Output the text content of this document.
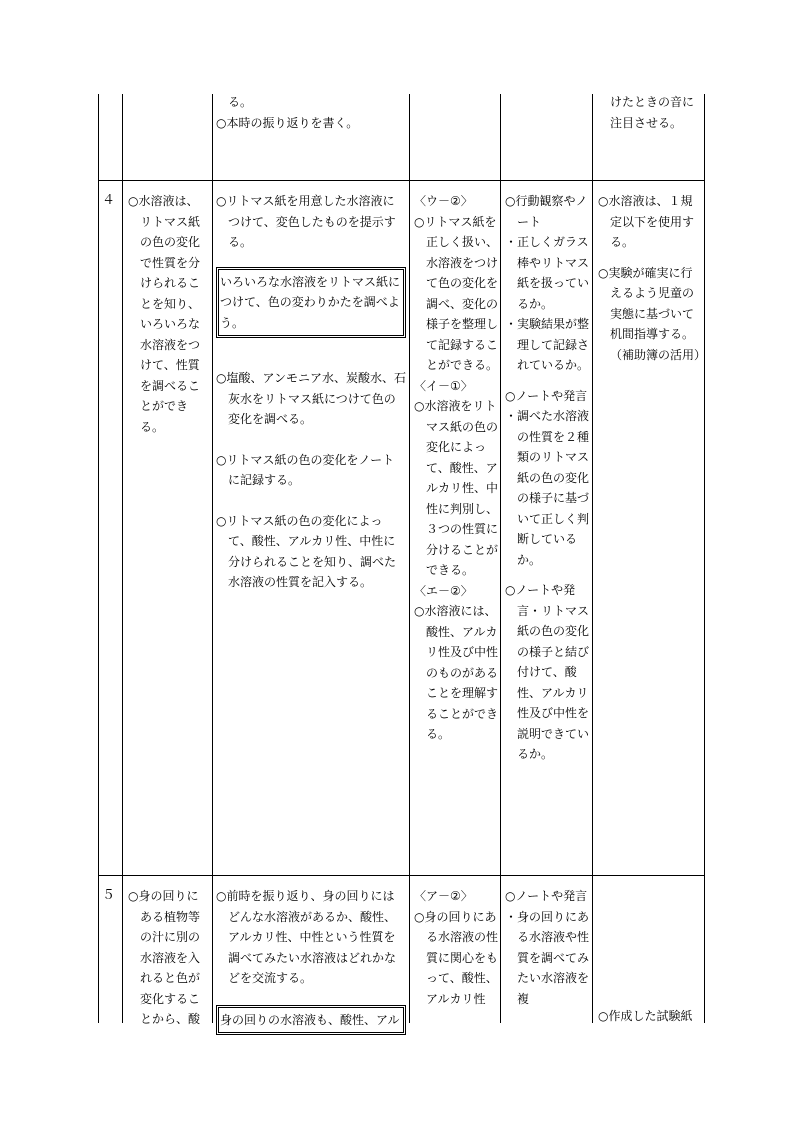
る。

○本時の振り返りを書く。

けたときの音に

注目させる。

４	○水溶液は、リトマス紙の色の変化で性質を分けられることを知り、いろいろな水溶液をつけて、性質を調べることができる。

○リトマス紙を用意した水溶液につけて、変色したものを提示する。

いろいろな水溶液をリトマス紙につけて、色の変わりかたを調べよう。

○塩酸、アンモニア水、炭酸水、石灰水をリトマス紙につけて色の変化を調べる。

○リトマス紙の色の変化をノートに記録する。

○リトマス紙の色の変化によって、酸性、アルカリ性、中性に分けられることを知り、調べた水溶液の性質を記入する。

〈ウ－②〉

○リトマス紙を正しく扱い、水溶液をつけて色の変化を調べ、変化の様子を整理して記録することができる。

〈イ－①〉

○水溶液をリトマス紙の色の変化によって、酸性、アルカリ性、中性に判別し、３つの性質に分けることができる。

〈エ－②〉

○水溶液には、酸性、アルカリ性及び中性のものがあることを理解することができる。

○行動観察やノート

・正しくガラス棒やリトマス紙を扱っているか。

・実験結果が整理して記録されているか。

○ノートや発言

・調べた水溶液の性質を２種類のリトマス紙の色の変化の様子に基づいて正しく判断しているか。

○ノートや発言・リトマス紙の色の変化の様子と結び付けて、酸性、アルカリ性及び中性を説明できているか。

○水溶液は、１規定以下を使用する。

○実験が確実に行えるよう児童の実態に基づいて机間指導する。（補助簿の活用）

５	○身の回りにある植物等の汁に別の水溶液を入れると色が変化することから、酸

○前時を振り返り、身の回りにはどんな水溶液があるか、酸性、アルカリ性、中性という性質を調べてみたい水溶液はどれかなどを交流する。

身の回りの水溶液も、酸性、アル

〈ア－②〉

○身の回りにある水溶液の性質に関心をもって、酸性、アルカリ性

○ノートや発言

・身の回りにある水溶液や性質を調べてみたい水溶液を複

○作成した試験紙
